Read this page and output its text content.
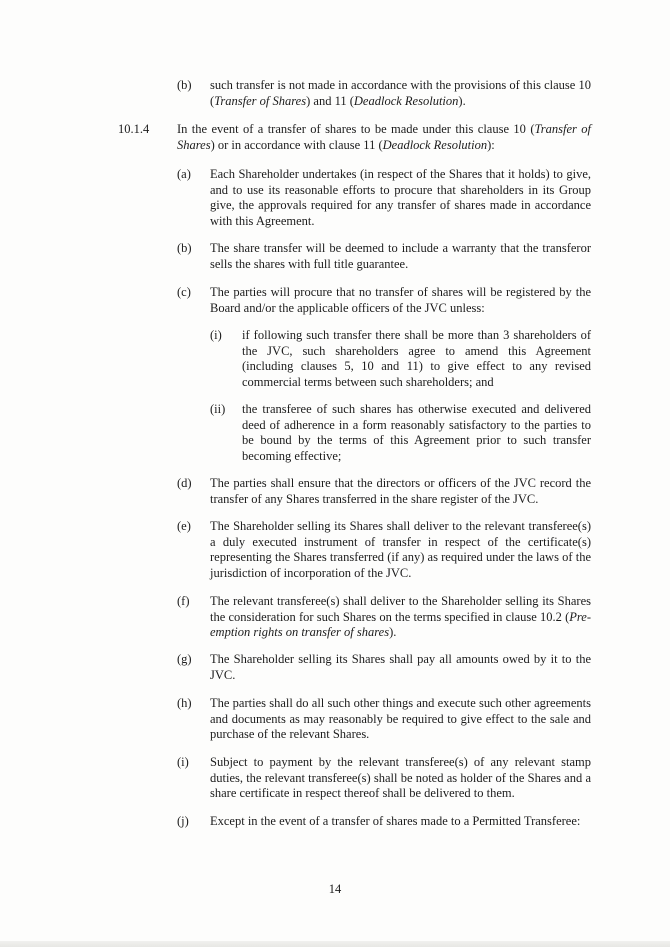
(b) such transfer is not made in accordance with the provisions of this clause 10 (Transfer of Shares) and 11 (Deadlock Resolution).
10.1.4 In the event of a transfer of shares to be made under this clause 10 (Transfer of Shares) or in accordance with clause 11 (Deadlock Resolution):
(a) Each Shareholder undertakes (in respect of the Shares that it holds) to give, and to use its reasonable efforts to procure that shareholders in its Group give, the approvals required for any transfer of shares made in accordance with this Agreement.
(b) The share transfer will be deemed to include a warranty that the transferor sells the shares with full title guarantee.
(c) The parties will procure that no transfer of shares will be registered by the Board and/or the applicable officers of the JVC unless:
(i) if following such transfer there shall be more than 3 shareholders of the JVC, such shareholders agree to amend this Agreement (including clauses 5, 10 and 11) to give effect to any revised commercial terms between such shareholders; and
(ii) the transferee of such shares has otherwise executed and delivered deed of adherence in a form reasonably satisfactory to the parties to be bound by the terms of this Agreement prior to such transfer becoming effective;
(d) The parties shall ensure that the directors or officers of the JVC record the transfer of any Shares transferred in the share register of the JVC.
(e) The Shareholder selling its Shares shall deliver to the relevant transferee(s) a duly executed instrument of transfer in respect of the certificate(s) representing the Shares transferred (if any) as required under the laws of the jurisdiction of incorporation of the JVC.
(f) The relevant transferee(s) shall deliver to the Shareholder selling its Shares the consideration for such Shares on the terms specified in clause 10.2 (Pre-emption rights on transfer of shares).
(g) The Shareholder selling its Shares shall pay all amounts owed by it to the JVC.
(h) The parties shall do all such other things and execute such other agreements and documents as may reasonably be required to give effect to the sale and purchase of the relevant Shares.
(i) Subject to payment by the relevant transferee(s) of any relevant stamp duties, the relevant transferee(s) shall be noted as holder of the Shares and a share certificate in respect thereof shall be delivered to them.
(j) Except in the event of a transfer of shares made to a Permitted Transferee:
14
